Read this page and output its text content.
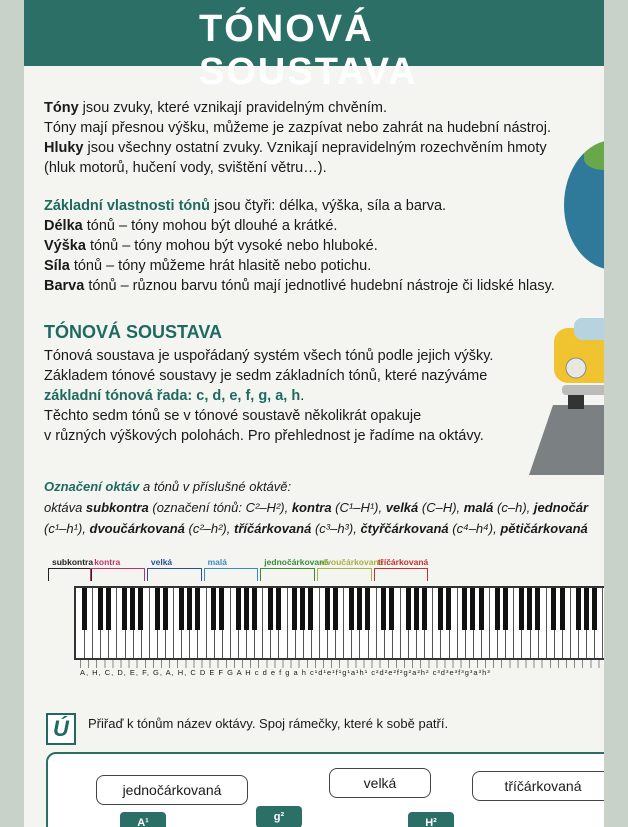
TÓNOVÁ SOUSTAVA

Tóny jsou zvuky, které vznikají pravidelným chvěním.
Tóny mají přesnou výšku, můžeme je zazpívat nebo zahrát na hudební nástroj.
Hluky jsou všechny ostatní zvuky. Vznikají nepravidelným rozechvěním hmoty
(hluk motorů, hučení vody, svištění větru…).

Základní vlastnosti tónů jsou čtyři: délka, výška, síla a barva.
Délka tónů – tóny mohou být dlouhé a krátké.
Výška tónů – tóny mohou být vysoké nebo hluboké.
Síla tónů – tóny můžeme hrát hlasitě nebo potichu.
Barva tónů – různou barvu tónů mají jednotlivé hudební nástroje či lidské hlasy.

TÓNOVÁ SOUSTAVA

Tónová soustava je uspořádaný systém všech tónů podle jejich výšky.
Základem tónové soustavy je sedm základních tónů, které nazýváme
základní tónová řada: c, d, e, f, g, a, h.
Těchto sedm tónů se v tónové soustavě několikrát opakuje
v různých výškových polohách. Pro přehlednost je řadíme na oktávy.

Označení oktáv a tónů v příslušné oktávě:
oktáva subkontra (označení tónů: C²–H²), kontra (C¹–H¹), velká (C–H), malá (c–h), jednočár
(c¹–h¹), dvoučárkovaná (c²–h²), tříčárkovaná (c³–h³), čtyřčárkovaná (c⁴–h⁴), pětičárkovaná
subkontra kontra	velká	malá	jednočárkovaná
dvoučárkovaná
tříčárkovaná
A, H, C, D, E, F, G, A, H, C D E F G A H c d e f g a h c¹d¹e¹f¹g¹a¹h¹ c²d²e²f²g²a²h² c³d³e³f³g³a³h³
Ú	Přiřaď k tónům název oktávy. Spoj rámečky, které k sobě patří.
jednočárkovaná	velká	tříčárkovaná
A¹	g²	H²
